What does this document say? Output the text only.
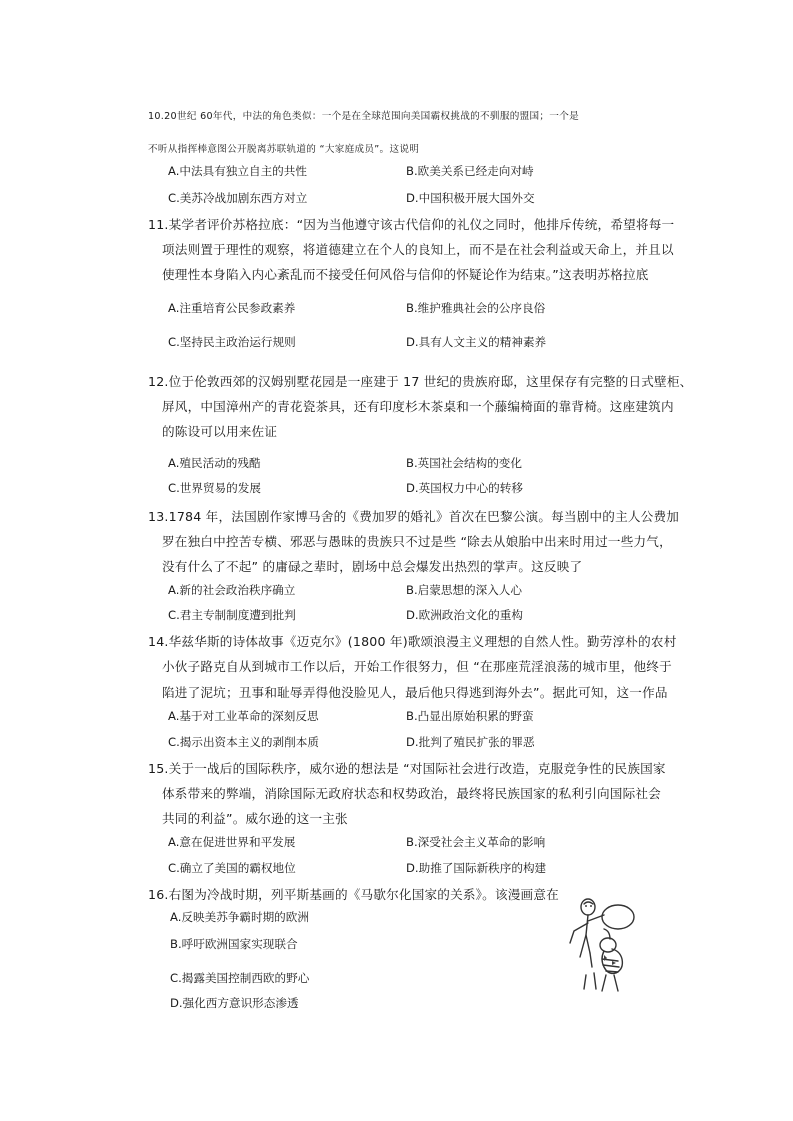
10.20世纪 60年代，中法的角色类似：一个是在全球范围向美国霸权挑战的不驯服的盟国；一个是
不听从指挥棒意图公开脱离苏联轨道的 “大家庭成员”。这说明
A.中法具有独立自主的共性	B.欧美关系已经走向对峙
C.美苏冷战加剧东西方对立	D.中国积极开展大国外交
11.某学者评价苏格拉底：“因为当他遵守该古代信仰的礼仪之同时，他排斥传统，希望将每一
项法则置于理性的观察，将道德建立在个人的良知上，而不是在社会利益或天命上，并且以
使理性本身陷入内心紊乱而不接受任何风俗与信仰的怀疑论作为结束。”这表明苏格拉底
A.注重培育公民参政素养	B.维护雅典社会的公序良俗
C.坚持民主政治运行规则	D.具有人文主义的精神素养
12.位于伦敦西郊的汉姆别墅花园是一座建于 17 世纪的贵族府邸，这里保存有完整的日式壁柜、
屏风，中国漳州产的青花瓷茶具，还有印度杉木茶桌和一个藤编椅面的靠背椅。这座建筑内
的陈设可以用来佐证
A.殖民活动的残酷	B.英国社会结构的变化
C.世界贸易的发展	D.英国权力中心的转移
13.1784 年，法国剧作家博马舍的《费加罗的婚礼》首次在巴黎公演。每当剧中的主人公费加
罗在独白中控苦专横、邪恶与愚昧的贵族只不过是些 “除去从娘胎中出来时用过一些力气，
没有什么了不起” 的庸碌之辈时，剧场中总会爆发出热烈的掌声。这反映了
A.新的社会政治秩序确立	B.启蒙思想的深入人心
C.君主专制制度遭到批判	D.欧洲政治文化的重构
14.华兹华斯的诗体故事《迈克尔》(1800 年)歌颂浪漫主义理想的自然人性。勤劳淳朴的农村
小伙子路克自从到城市工作以后，开始工作很努力，但 “在那座荒淫浪荡的城市里，他终于
陷进了泥坑；丑事和耻辱弄得他没脸见人，最后他只得逃到海外去”。据此可知，这一作品
A.基于对工业革命的深刻反思	B.凸显出原始积累的野蛮
C.揭示出资本主义的剥削本质	D.批判了殖民扩张的罪恶
15.关于一战后的国际秩序，威尔逊的想法是 “对国际社会进行改造，克服竞争性的民族国家
体系带来的弊端，消除国际无政府状态和权势政治，最终将民族国家的私利引向国际社会
共同的利益”。威尔逊的这一主张
A.意在促进世界和平发展	B.深受社会主义革命的影响
C.确立了美国的霸权地位	D.助推了国际新秩序的构建
16.右图为冷战时期，列平斯基画的《马歇尔化国家的关系》。该漫画意在
A.反映美苏争霸时期的欧洲
B.呼吁欧洲国家实现联合
C.揭露美国控制西欧的野心
D.强化西方意识形态渗透
